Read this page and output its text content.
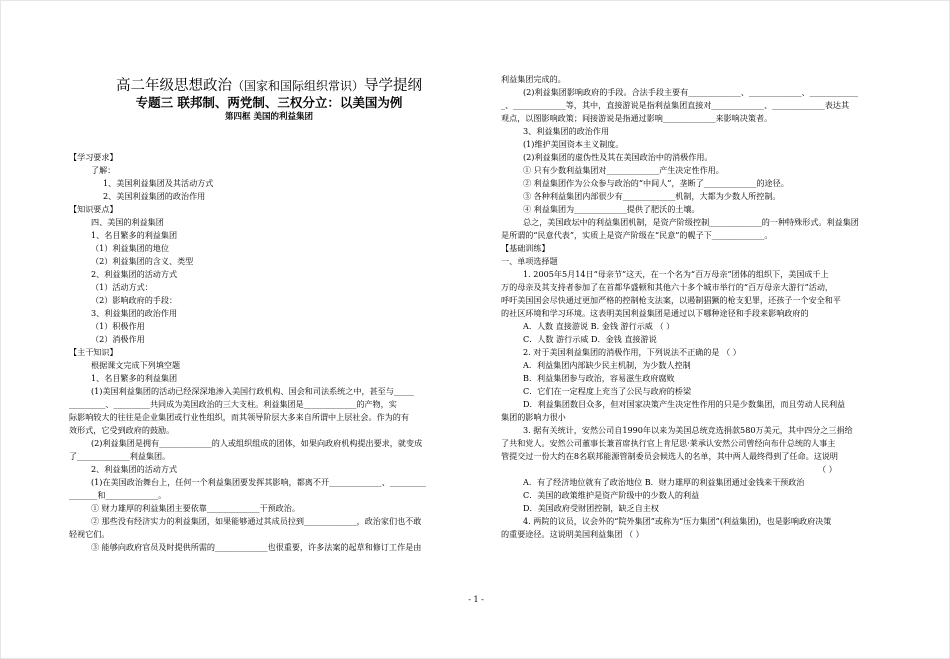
高二年级思想政治（国家和国际组织常识）导学提纲
专题三 联邦制、两党制、三权分立：以美国为例
第四框 美国的利益集团
【学习要求】
了解：
1、美国利益集团及其活动方式
2、美国利益集团的政治作用
【知识要点】
四、美国的利益集团
1、名目繁多的利益集团
（1）利益集团的地位
（2）利益集团的含义、类型
2、利益集团的活动方式
（1）活动方式：
（2）影响政府的手段：
3、利益集团的政治作用
（1）积极作用
（2）消极作用
【主干知识】
根据课文完成下列填空题
1、名目繁多的利益集团
(1)美国利益集团的活动已经深深地渗入美国行政机构、国会和司法系统之中，甚至与_____
_________、_________共同成为美国政治的三大支柱。利益集团是_____________的产物，实
际影响较大的往往是企业集团或行业性组织，而其领导阶层大多来自所谓中上层社会。作为的有
效形式，它受到政府的鼓励。
(2)利益集团是拥有_____________的人或组织组成的团体，如果向政府机构提出要求，就变成
了_____________利益集团。
2、利益集团的活动方式
(1)在美国政治舞台上，任何一个利益集团要发挥其影响，都离不开_____________、_________
_______和_____________。
① 财力雄厚的利益集团主要依靠_____________干预政治。
② 那些没有经济实力的利益集团，如果能够通过其成员拉到_____________，政治家们也不敢
轻视它们。
③ 能够向政府官员及时提供所需的_____________也很重要，许多法案的起草和修订工作是由
利益集团完成的。
(2)利益集团影响政府的手段。合法手段主要有_____________、_____________、____________
_、_____________等，其中，直接游说是指利益集团直接对_____________、_____________表达其
观点，以图影响政策；间接游说是指通过影响_____________来影响决策者。
3、利益集团的政治作用
(1)维护美国资本主义制度。
(2)利益集团的虚伪性及其在美国政治中的消极作用。
① 只有少数利益集团对_____________产生决定性作用。
② 利益集团作为公众参与政治的“中间人”，垄断了_____________的途径。
③ 各种利益集团内部很少有_____________机制，大都为少数人所控制。
④ 利益集团为_____________提供了肥沃的土壤。
总之，美国政坛中的利益集团机制，是资产阶级控制_____________的一种特殊形式。利益集团
是所谓的“民意代表”，实质上是资产阶级在“民意”的幌子下_____________。
【基础训练】
一、单项选择题
1. 2005年5月14日“母亲节”这天，在一个名为“百万母亲”团体的组织下，美国成千上
万的母亲及其支持者参加了在首都华盛顿和其他六十多个城市举行的“百万母亲大游行”活动，
呼吁美国国会尽快通过更加严格的控制枪支法案，以遏制猖獗的枪支犯罪，还孩子一个安全和平
的社区环境和学习环境。这表明美国利益集团是通过以下哪种途径和手段来影响政府的
A．人数 直接游说 B. 金钱 游行示威 （ ）
C．人数 游行示威 D．金钱 直接游说
2. 对于美国利益集团的消极作用，下列说法不正确的是 （ ）
A．利益集团内部缺少民主机制，为少数人控制
B．利益集团参与政治，容易滋生政府腐败
C．它们在一定程度上充当了公民与政府的桥梁
D．利益集团数目众多，但对国家决策产生决定性作用的只是少数集团，而且劳动人民利益
集团的影响力很小
3. 据有关统计，安然公司自1990年以来为美国总统竞选捐款580万美元，其中四分之三捐给
了共和党人。安然公司董事长兼首席执行官上肯尼思·莱承认安然公司曾经向布什总统的人事主
管提交过一份大约在8名联邦能源管制委员会候选人的名单，其中两人最终得到了任命。这说明
（ ）
A．有了经济地位就有了政治地位 B．财力雄厚的利益集团通过金钱来干预政治
C．美国的政策维护是资产阶级中的少数人的利益
D．美国政府受财团控制，缺乏自主权
4. 两院的议员，议会外的“院外集团”或称为“压力集团”(利益集团)，也是影响政府决策
的重要途径。这说明美国利益集团 （ ）
- 1 -
